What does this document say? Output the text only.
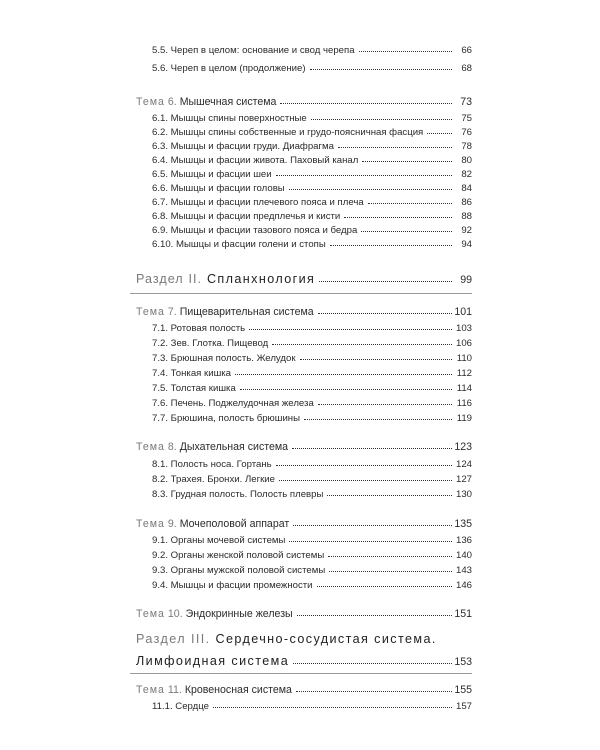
5.5. Череп в целом: основание и свод черепа	66
5.6. Череп в целом (продолжение)	68
Тема 6. Мышечная система	73
6.1. Мышцы спины поверхностные	75
6.2. Мышцы спины собственные и грудо-поясничная фасция	76
6.3. Мышцы и фасции груди. Диафрагма	78
6.4. Мышцы и фасции живота. Паховый канал	80
6.5. Мышцы и фасции шеи	82
6.6. Мышцы и фасции головы	84
6.7. Мышцы и фасции плечевого пояса и плеча	86
6.8. Мышцы и фасции предплечья и кисти	88
6.9. Мышцы и фасции тазового пояса и бедра	92
6.10. Мышцы и фасции голени и стопы	94
Раздел II. Спланхнология	99
Тема 7. Пищеварительная система	101
7.1. Ротовая полость	103
7.2. Зев. Глотка. Пищевод	106
7.3. Брюшная полость. Желудок	110
7.4. Тонкая кишка	112
7.5. Толстая кишка	114
7.6. Печень. Поджелудочная железа	116
7.7. Брюшина, полость брюшины	119
Тема 8. Дыхательная система	123
8.1. Полость носа. Гортань	124
8.2. Трахея. Бронхи. Легкие	127
8.3. Грудная полость. Полость плевры	130
Тема 9. Мочеполовой аппарат	135
9.1. Органы мочевой системы	136
9.2. Органы женской половой системы	140
9.3. Органы мужской половой системы	143
9.4. Мышцы и фасции промежности	146
Тема 10. Эндокринные железы	151
Раздел III. Сердечно-сосудистая система.
Лимфоидная система	153
Тема 11. Кровеносная система	155
11.1. Сердце	157
